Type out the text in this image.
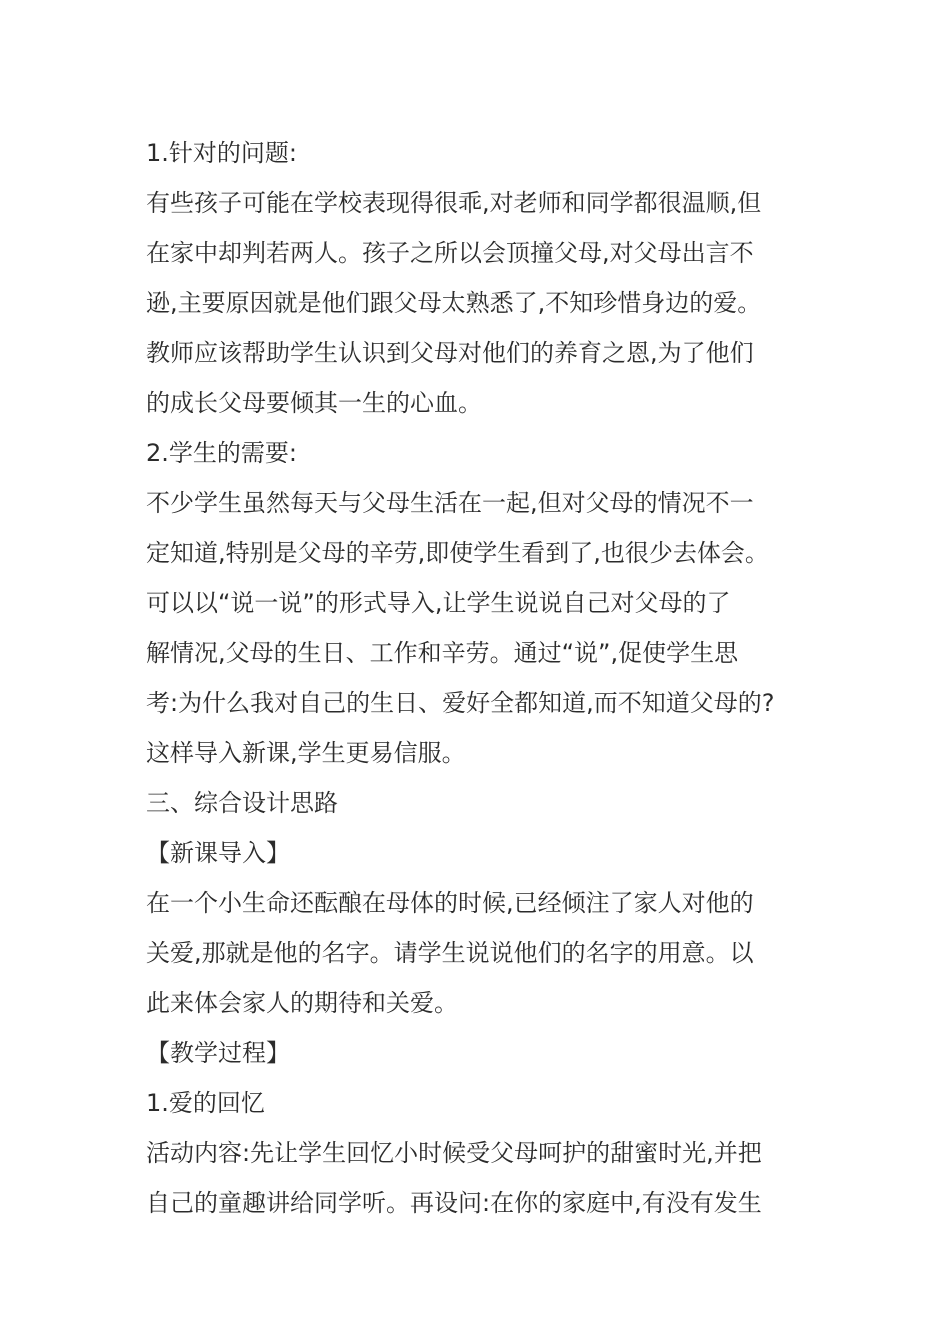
1.针对的问题:
有些孩子可能在学校表现得很乖,对老师和同学都很温顺,但
在家中却判若两人。孩子之所以会顶撞父母,对父母出言不
逊,主要原因就是他们跟父母太熟悉了,不知珍惜身边的爱。
教师应该帮助学生认识到父母对他们的养育之恩,为了他们
的成长父母要倾其一生的心血。
2.学生的需要:
不少学生虽然每天与父母生活在一起,但对父母的情况不一
定知道,特别是父母的辛劳,即使学生看到了,也很少去体会。
可以以“说一说”的形式导入,让学生说说自己对父母的了
解情况,父母的生日、工作和辛劳。通过“说”,促使学生思
考:为什么我对自己的生日、爱好全都知道,而不知道父母的?
这样导入新课,学生更易信服。
三、综合设计思路
【新课导入】
在一个小生命还酝酿在母体的时候,已经倾注了家人对他的
关爱,那就是他的名字。请学生说说他们的名字的用意。以
此来体会家人的期待和关爱。
【教学过程】
1.爱的回忆
活动内容:先让学生回忆小时候受父母呵护的甜蜜时光,并把
自己的童趣讲给同学听。再设问:在你的家庭中,有没有发生
